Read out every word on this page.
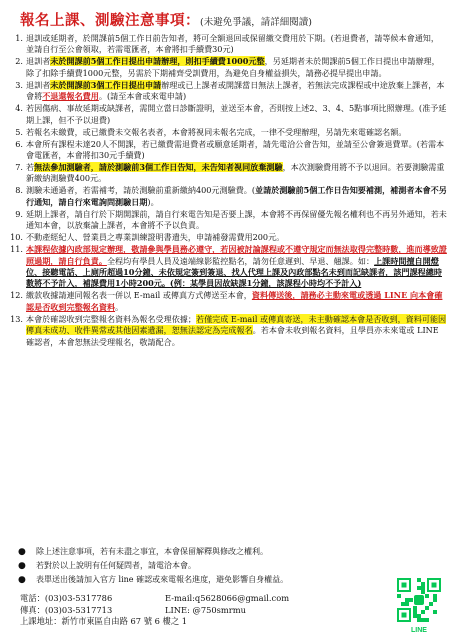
報名上課、測驗注意事項：(未避免爭議，請詳細閱讀)
1. 退訓或延期者，於開課前5個工作日前告知者，將可全額退回或保留繳交費用於下期。(若退費者，請等候本會通知，並請自行至公會領取，若需電匯者，本會將扣手續費30元)
2. 退訓者未於開課前5個工作日提出申請辦理，則扣手續費1000元整，另延期者未於開課前5個工作日提出申請辦理，除了扣除手續費1000元整，另需於下期補齊受訓費用，為避免自身權益損失，請務必提早提出申請。
3. 退訓者未於開課前3個工作日提出申請辦理或已上課者或開課當日無法上課者，若無法完成課程或中途放棄上課者，本會將不退還報名費用。(請至本會或來電申請)
4. 若因傷病、事故延期或缺課者，需開立當日診斷證明，並送至本會，否則按上述2、3、4、5點事項比照辦理。(准予延期上課，但不予以退費)
5. 若報名未繳費，或已繳費未交報名表者，本會將視同未報名完成，一律不受理辦理，另請先來電確認名額。
6. 本會所有課程未達20人不開課，若已繳費需退費者或願意延期者，請先電洽公會告知，並請至公會簽退費單。(若需本會電匯者，本會將扣30元手續費)
7. 若無法參加測驗者，請於測驗前3個工作日告知，未告知者視同放棄測驗，本次測驗費用將不予以退回。若要測驗需重新繳納測驗費400元。
8. 測驗未通過者，若需補考，請於測驗前重新繳納400元測驗費。(並請於測驗前5個工作日告知要補測，補測者本會不另行通知，請自行來電詢問測驗日期)。
9. 延期上課者，請自行於下期開課前，請自行來電告知是否要上課，本會將不再保留優先報名權利也不再另外通知，若未通知本會，以放棄論上課者，本會將不予以負責。
10. 不動產經紀人、營業員之專業訓練證明書遺失，申請補發需費用200元。
11. 本課程依據內政部規定辦理，敬請參與學員務必遵守，若因被討論課程或不遵守規定而無法取得完整時數，進而導致證照過期，請自行負責。全程均有學員人員及遠端線影監控點名，請勿任意遲到、早退、翹課。如：上課時間擅自開燈位、接聽電話、上廁所超過10分鐘、未依規定簽到簽退、找人代理上課及內政部點名未到而記缺課者，該門課程總時數將不予計入，補課費用1小時200元。(例：某學員因故缺課1分鐘，該課程小時均不予計入)
12. 繳款收據請連同報名表一併以 E-mail 或傳真方式傳送至本會，資料傳送後，請務必主動來電或透過 LINE 向本會確認是否收到完整報名資料。
13. 本會於確認收到完整報名資料為報名受理依據；若僅完成 E-mail 或傳真寄送，未主動確認本會是否收到，資料可能因傳真未成功、收件異常或其他因素遺漏，恕無法認定為完成報名。若本會未收到報名資料，且學員亦未來電或 LINE 確認者，本會恕無法受理報名，敬請配合。
●	除上述注意事項，若有未盡之事宜，本會保留解釋與修改之權利。
●	若對於以上說明有任何疑問者，請電洽本會。
●	表單送出後請加入官方 line 確認或來電報名進度，避免影響自身權益。
電話：(03)03-5317786	E-mail:q5628066@gmail.com
傳真：(03)03-5317713	LINE: @750smrmu
上課地址：新竹市東區自由路 67 號 6 樓之 1
LINE
